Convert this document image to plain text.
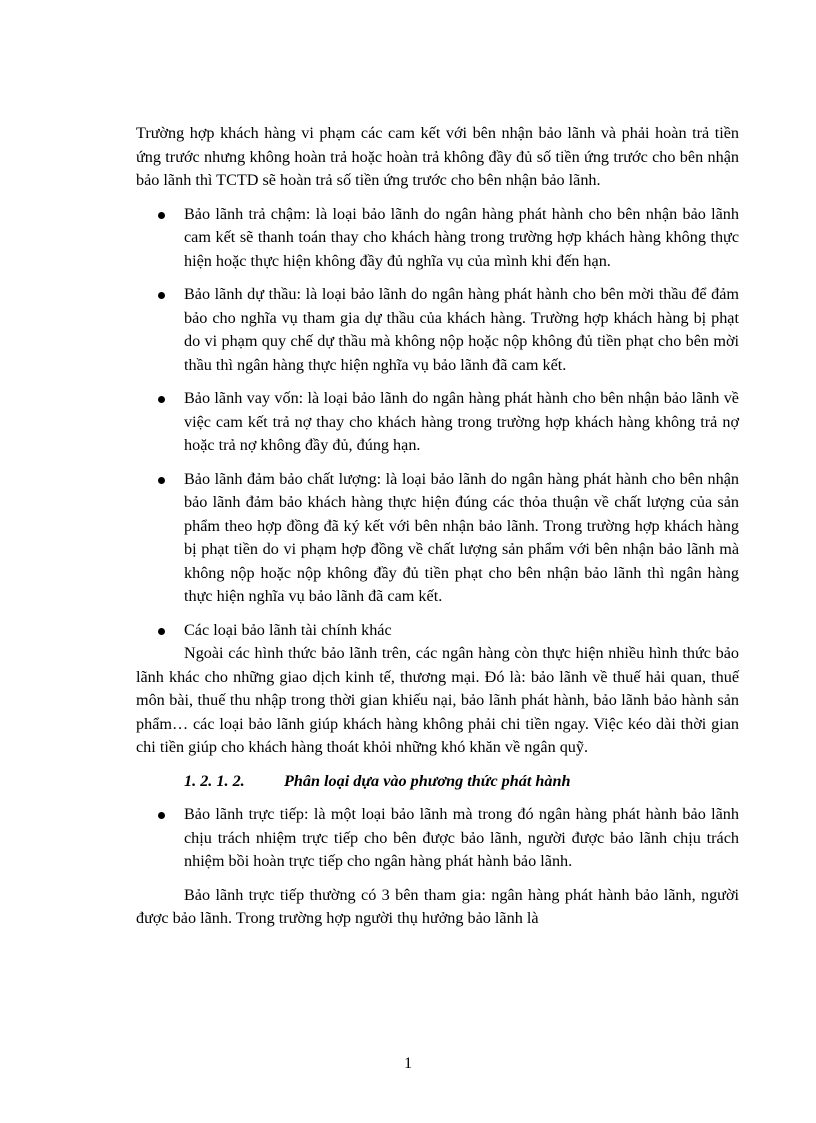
Trường hợp khách hàng vi phạm các cam kết với bên nhận bảo lãnh và phải hoàn trả tiền ứng trước nhưng không hoàn trả hoặc hoàn trả không đầy đủ số tiền ứng trước cho bên nhận bảo lãnh thì TCTD sẽ hoàn trả số tiền ứng trước cho bên nhận bảo lãnh.

Bảo lãnh trả chậm: là loại bảo lãnh do ngân hàng phát hành cho bên nhận bảo lãnh cam kết sẽ thanh toán thay cho khách hàng trong trường hợp khách hàng không thực hiện hoặc thực hiện không đầy đủ nghĩa vụ của mình khi đến hạn.
Bảo lãnh dự thầu: là loại bảo lãnh do ngân hàng phát hành cho bên mời thầu để đảm bảo cho nghĩa vụ tham gia dự thầu của khách hàng. Trường hợp khách hàng bị phạt do vi phạm quy chế dự thầu mà không nộp hoặc nộp không đủ tiền phạt cho bên mời thầu thì ngân hàng thực hiện nghĩa vụ bảo lãnh đã cam kết.
Bảo lãnh vay vốn: là loại bảo lãnh do ngân hàng phát hành cho bên nhận bảo lãnh về việc cam kết trả nợ thay cho khách hàng trong trường hợp khách hàng không trả nợ hoặc trả nợ không đầy đủ, đúng hạn.
Bảo lãnh đảm bảo chất lượng: là loại bảo lãnh do ngân hàng phát hành cho bên nhận bảo lãnh đảm bảo khách hàng thực hiện đúng các thỏa thuận về chất lượng của sản phẩm theo hợp đồng đã ký kết với bên nhận bảo lãnh. Trong trường hợp khách hàng bị phạt tiền do vi phạm hợp đồng về chất lượng sản phẩm với bên nhận bảo lãnh mà không nộp hoặc nộp không đầy đủ tiền phạt cho bên nhận bảo lãnh thì ngân hàng thực hiện nghĩa vụ bảo lãnh đã cam kết.
Các loại bảo lãnh tài chính khác

Ngoài các hình thức bảo lãnh trên, các ngân hàng còn thực hiện nhiều hình thức bảo lãnh khác cho những giao dịch kinh tế, thương mại. Đó là: bảo lãnh về thuế hải quan, thuế môn bài, thuế thu nhập trong thời gian khiếu nại, bảo lãnh phát hành, bảo lãnh bảo hành sản phẩm… các loại bảo lãnh giúp khách hàng không phải chi tiền ngay. Việc kéo dài thời gian chi tiền giúp cho khách hàng thoát khỏi những khó khăn về ngân quỹ.

1. 2. 1. 2. Phân loại dựa vào phương thức phát hành
Bảo lãnh trực tiếp: là một loại bảo lãnh mà trong đó ngân hàng phát hành bảo lãnh chịu trách nhiệm trực tiếp cho bên được bảo lãnh, người được bảo lãnh chịu trách nhiệm bồi hoàn trực tiếp cho ngân hàng phát hành bảo lãnh.

Bảo lãnh trực tiếp thường có 3 bên tham gia: ngân hàng phát hành bảo lãnh, người được bảo lãnh. Trong trường hợp người thụ hưởng bảo lãnh là

1
